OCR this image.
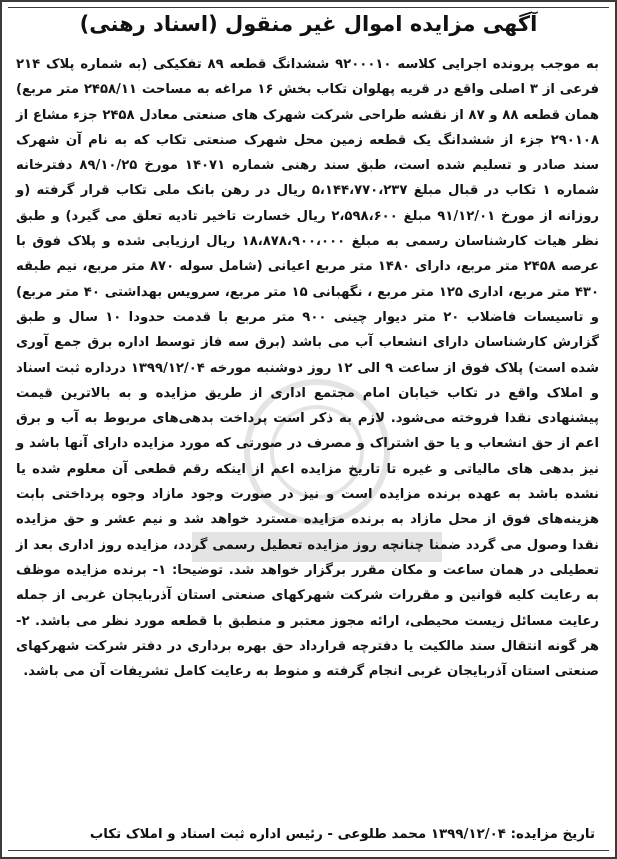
آگهی مزایده اموال غیر منقول (اسناد رهنی)

به موجب پرونده اجرایی کلاسه ۹۲۰۰۰۱۰ ششدانگ قطعه ۸۹ تفکیکی (به شماره پلاک ۲۱۴ فرعی از ۳ اصلی واقع در قریه پهلوان تکاب بخش ۱۶ مراغه به مساحت ۲۴۵۸/۱۱ متر مربع) همان قطعه ۸۸ و ۸۷ از نقشه طراحی شرکت شهرک های صنعتی معادل ۲۴۵۸ جزء مشاع از ۲۹۰۱۰۸ جزء از ششدانگ یک قطعه زمین محل شهرک صنعتی تکاب که به نام آن شهرک سند صادر و تسلیم شده است، طبق سند رهنی شماره ۱۴۰۷۱ مورخ ۸۹/۱۰/۲۵ دفترخانه شماره ۱ تکاب در قبال مبلغ ۵،۱۴۴،۷۷۰،۲۳۷ ریال در رهن بانک ملی تکاب قرار گرفته (و روزانه از مورخ ۹۱/۱۲/۰۱ مبلغ ۲،۵۹۸،۶۰۰ ریال خسارت تاخیر تادیه تعلق می گیرد) و طبق نظر هیات کارشناسان رسمی به مبلغ ۱۸،۸۷۸،۹۰۰،۰۰۰ ریال ارزیابی شده و پلاک فوق با عرصه ۲۴۵۸ متر مربع، دارای ۱۴۸۰ متر مربع اعیانی (شامل سوله ۸۷۰ متر مربع، نیم طبقه ۴۳۰ متر مربع، اداری ۱۲۵ متر مربع ، نگهبانی ۱۵ متر مربع، سرویس بهداشتی ۴۰ متر مربع) و تاسیسات فاضلاب ۲۰ متر دیوار چینی ۹۰۰ متر مربع با قدمت حدودا ۱۰ سال و طبق گزارش کارشناسان دارای انشعاب آب می باشد (برق سه فاز توسط اداره برق جمع آوری شده است) پلاک فوق از ساعت ۹ الی ۱۲ روز دوشنبه مورخه ۱۳۹۹/۱۲/۰۴ درداره ثبت اسناد و املاک واقع در تکاب خیابان امام مجتمع اداری از طریق مزایده و به بالاترین قیمت پیشنهادی نقدا فروخته می‌شود. لازم به ذکر است پرداخت بدهی‌های مربوط به آب و برق اعم از حق انشعاب و یا حق اشتراک و مصرف در صورتی که مورد مزایده دارای آنها باشد و نیز بدهی های مالیاتی و غیره تا تاریخ مزایده اعم از اینکه رقم قطعی آن معلوم شده یا نشده باشد به عهده برنده مزایده است و نیز در صورت وجود مازاد وجوه پرداختی بابت هزینه‌های فوق از محل مازاد به برنده مزایده مسترد خواهد شد و نیم عشر و حق مزایده نقدا وصول می گردد ضمنا چنانچه روز مزایده تعطیل رسمی گردد، مزایده روز اداری بعد از تعطیلی در همان ساعت و مکان مقرر برگزار خواهد شد. توضیحا: ۱- برنده مزایده موظف به رعایت کلیه قوانین و مقررات شرکت شهرکهای صنعتی استان آذربایجان غربی از جمله رعایت مسائل زیست محیطی، ارائه مجوز معتبر و منطبق با قطعه مورد نظر می باشد. ۲- هر گونه انتقال سند مالکیت یا دفترچه قرارداد حق بهره برداری در دفتر شرکت شهرکهای صنعتی استان آذربایجان غربی انجام گرفته و منوط به رعایت کامل تشریفات آن می باشد.

تاریخ مزایده: ۱۳۹۹/۱۲/۰۴ محمد طلوعی - رئیس اداره ثبت اسناد و املاک تکاب
